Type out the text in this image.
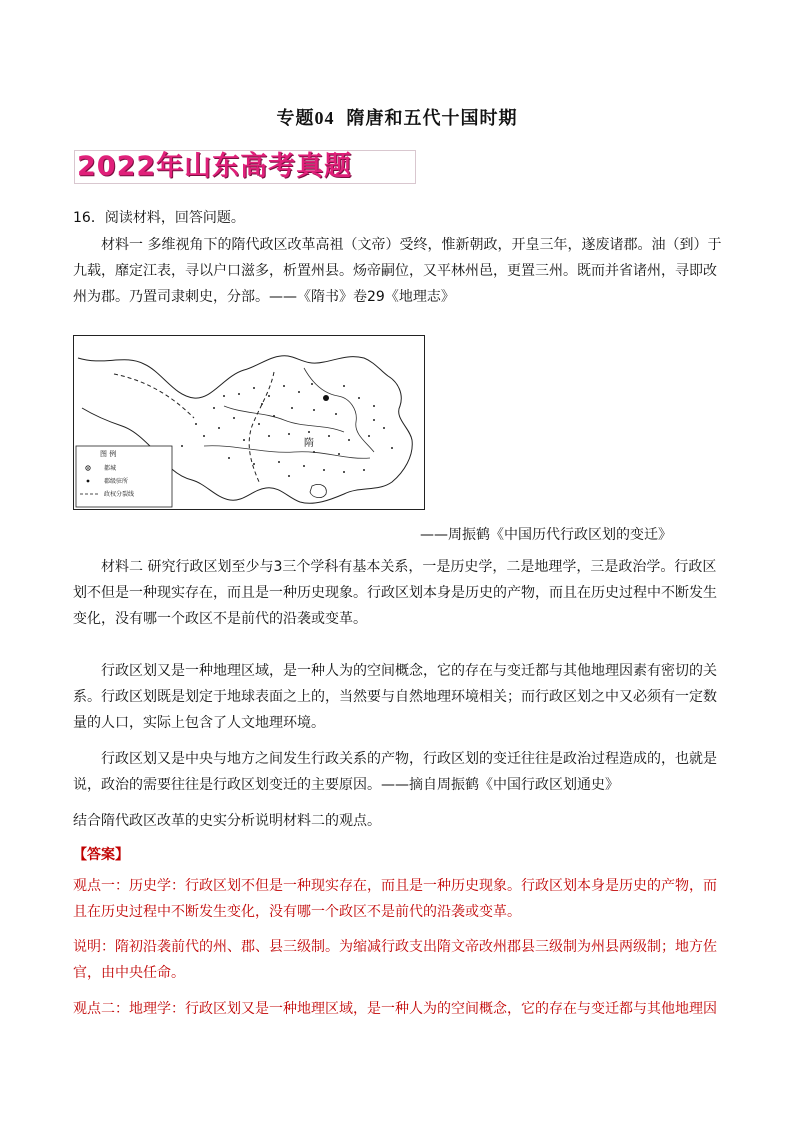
专题04 隋唐和五代十国时期
2022年山东高考真题
16．阅读材料，回答问题。
材料一 多维视角下的隋代政区改革高祖（文帝）受终，惟新朝政，开皇三年，遂废诸郡。油（到）于九载，靡定江表，寻以户口滋多，析置州县。炀帝嗣位，又平林州邑，更置三州。既而并省诸州，寻即改州为郡。乃置司隶刺史，分部。——《隋书》卷29《地理志》
隋
图 例
都城
郡级驻所
政权分裂线
——周振鹤《中国历代行政区划的变迁》
材料二 研究行政区划至少与3三个学科有基本关系，一是历史学，二是地理学，三是政治学。行政区划不但是一种现实存在，而且是一种历史现象。行政区划本身是历史的产物，而且在历史过程中不断发生变化，没有哪一个政区不是前代的沿袭或变革。
行政区划又是一种地理区域，是一种人为的空间概念，它的存在与变迁都与其他地理因素有密切的关系。行政区划既是划定于地球表面之上的，当然要与自然地理环境相关；而行政区划之中又必须有一定数量的人口，实际上包含了人文地理环境。
行政区划又是中央与地方之间发生行政关系的产物，行政区划的变迁往往是政治过程造成的，也就是说，政治的需要往往是行政区划变迁的主要原因。——摘自周振鹤《中国行政区划通史》
结合隋代政区改革的史实分析说明材料二的观点。
【答案】
观点一：历史学：行政区划不但是一种现实存在，而且是一种历史现象。行政区划本身是历史的产物，而且在历史过程中不断发生变化，没有哪一个政区不是前代的沿袭或变革。
说明：隋初沿袭前代的州、郡、县三级制。为缩减行政支出隋文帝改州郡县三级制为州县两级制；地方佐官，由中央任命。
观点二：地理学：行政区划又是一种地理区域，是一种人为的空间概念，它的存在与变迁都与其他地理因
